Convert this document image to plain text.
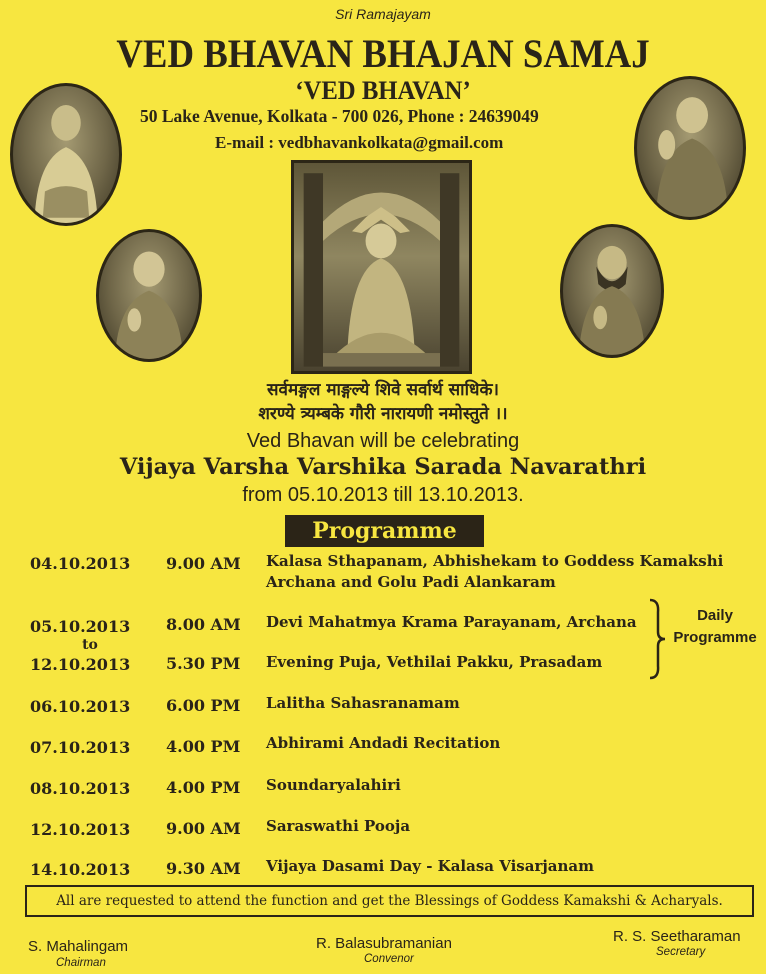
Sri Ramajayam
VED BHAVAN BHAJAN SAMAJ
‘VED BHAVAN’
50 Lake Avenue, Kolkata - 700 026, Phone : 24639049
E-mail : vedbhavankolkata@gmail.com
सर्वमङ्गल माङ्गल्ये शिवे सर्वार्थ साधिके।
शरण्ये त्र्यम्बके गौरी नारायणी नमोस्तुते ।।
Ved Bhavan will be celebrating
Vijaya Varsha Varshika Sarada Navarathri
from 05.10.2013 till 13.10.2013.
Programme
04.10.2013	9.00 AM	Kalasa Sthapanam, Abhishekam to Goddess Kamakshi
Archana and Golu Padi Alankaram
05.10.2013	8.00 AM	Devi Mahatmya Krama Parayanam, Archana
to
12.10.2013	5.30 PM	Evening Puja, Vethilai Pakku, Prasadam
Daily
Programme
06.10.2013	6.00 PM	Lalitha Sahasranamam
07.10.2013	4.00 PM	Abhirami Andadi Recitation
08.10.2013	4.00 PM	Soundaryalahiri
12.10.2013	9.00 AM	Saraswathi Pooja
14.10.2013	9.30 AM	Vijaya Dasami Day - Kalasa Visarjanam
All are requested to attend the function and get the Blessings of Goddess Kamakshi & Acharyals.
S. Mahalingam
Chairman
R. Balasubramanian
Convenor
R. S. Seetharaman
Secretary
